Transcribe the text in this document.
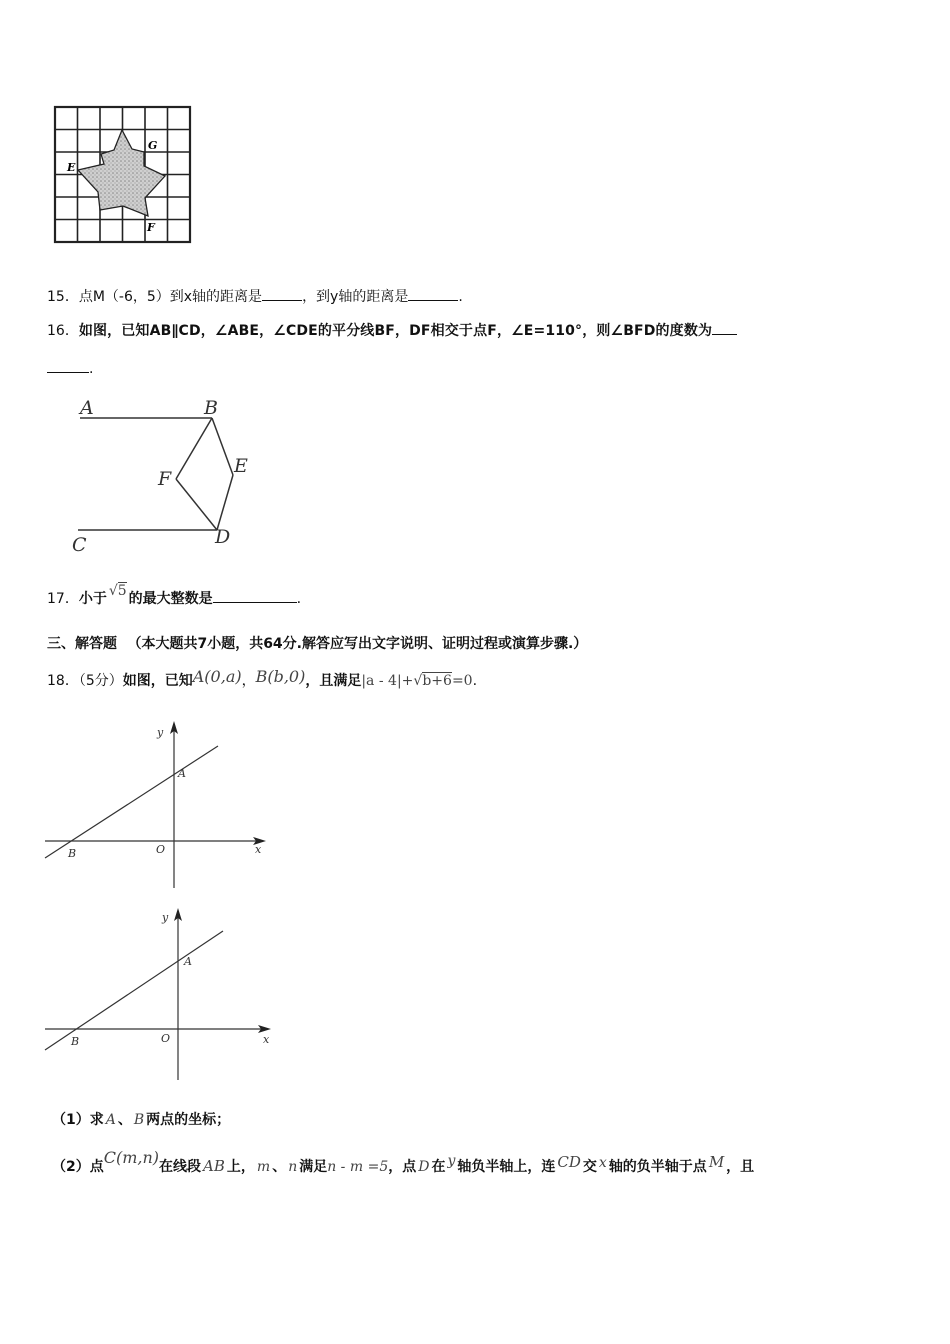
E
G
F
15．点M（-6，5）到x轴的距离是	，到y轴的距离是	.
16．如图，已知AB∥CD，∠ABE，∠CDE的平分线BF，DF相交于点F，∠E=110°，则∠BFD的度数为
.
A	B
C	D
E
F
17．小于 √5 的最大整数是	.
三、解答题 （本大题共7小题，共64分.解答应写出文字说明、证明过程或演算步骤.）
18．（5分）如图，已知A(0,a)，B(b,0)，且满足|a - 4|+√b+6=0.
y
x
A
B	O
y
x
A
B	O
（1）求 A 、 B 两点的坐标；
（2）点C(m,n)在线段 AB 上， m 、 n 满足n - m =5，点 D 在 y 轴负半轴上，连 CD 交 x 轴的负半轴于点 M ，且
